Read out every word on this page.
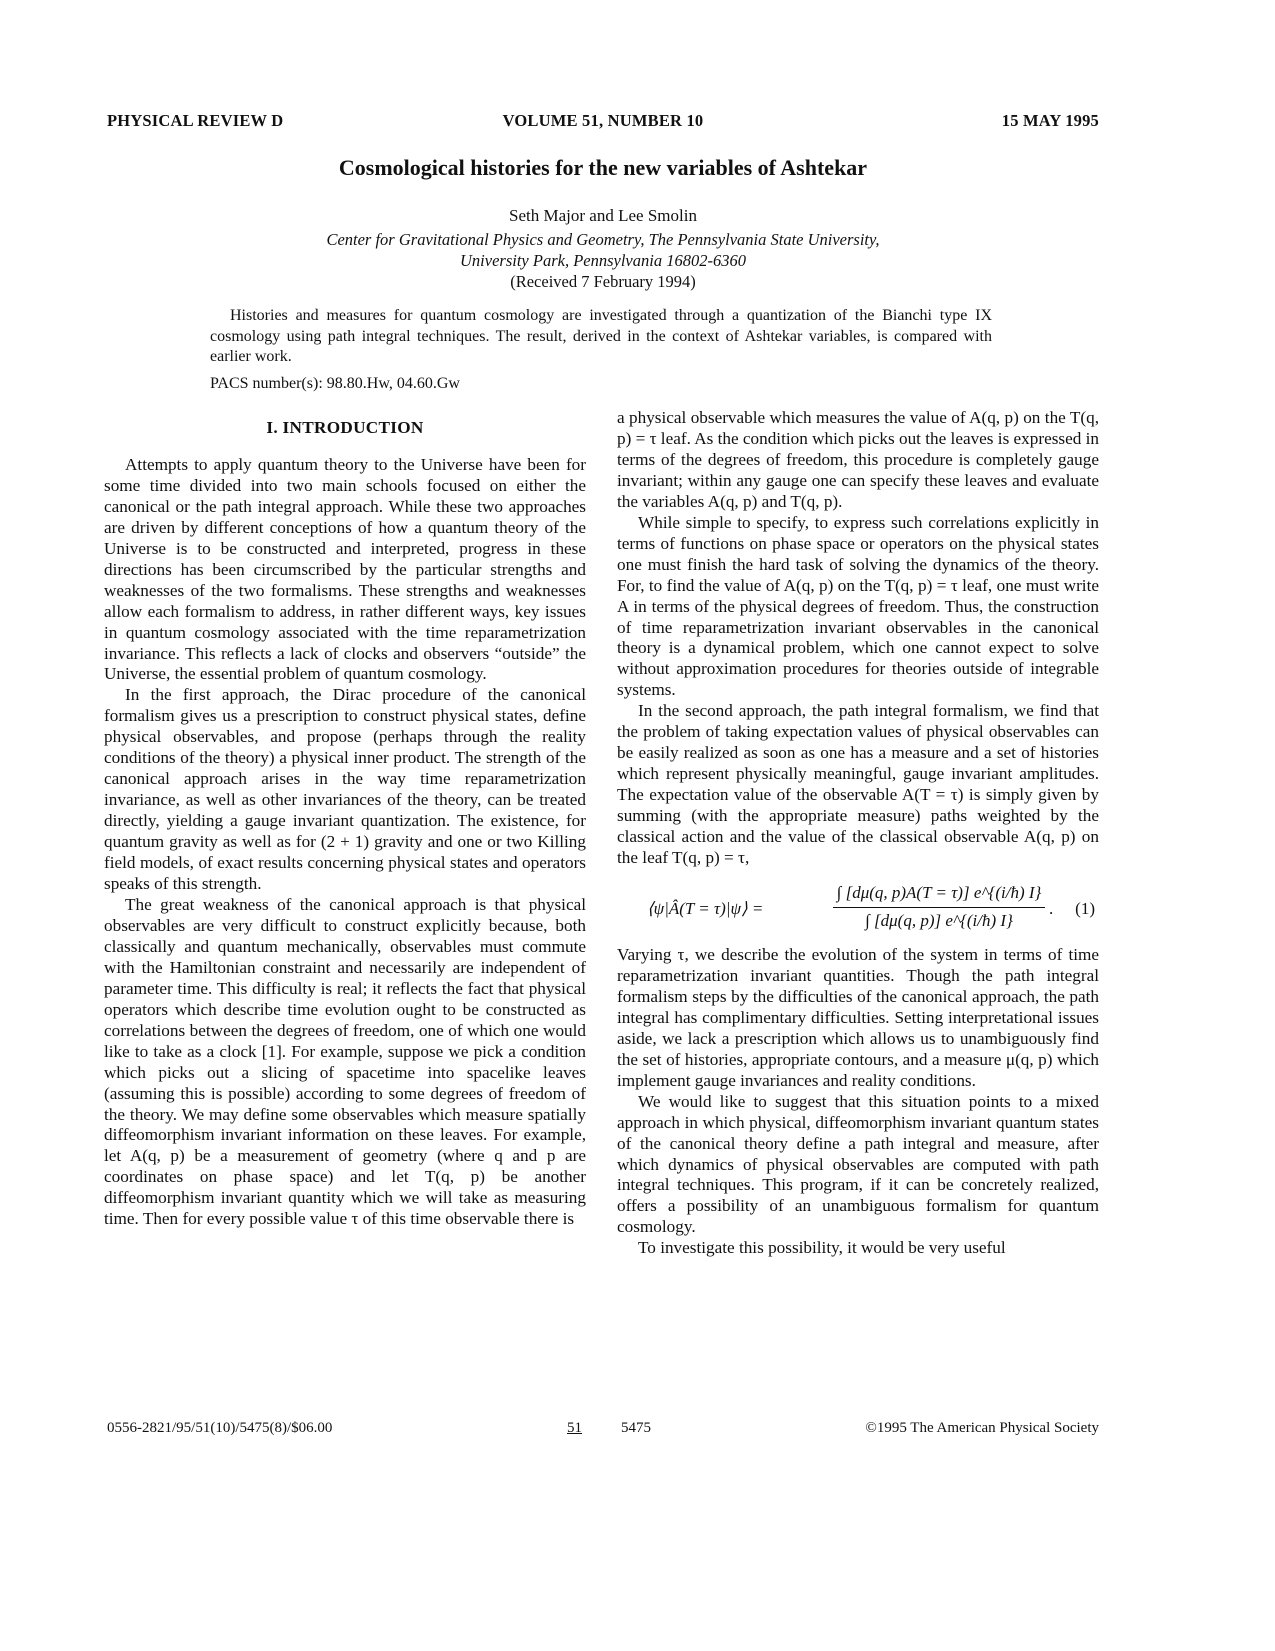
PHYSICAL REVIEW D	VOLUME 51, NUMBER 10	15 MAY 1995
Cosmological histories for the new variables of Ashtekar
Seth Major and Lee Smolin
Center for Gravitational Physics and Geometry, The Pennsylvania State University,
University Park, Pennsylvania 16802-6360
(Received 7 February 1994)
Histories and measures for quantum cosmology are investigated through a quantization of the Bianchi type IX cosmology using path integral techniques. The result, derived in the context of Ashtekar variables, is compared with earlier work.
PACS number(s): 98.80.Hw, 04.60.Gw
I. INTRODUCTION

Attempts to apply quantum theory to the Universe have been for some time divided into two main schools focused on either the canonical or the path integral approach. While these two approaches are driven by different conceptions of how a quantum theory of the Universe is to be constructed and interpreted, progress in these directions has been circumscribed by the particular strengths and weaknesses of the two formalisms. These strengths and weaknesses allow each formalism to address, in rather different ways, key issues in quantum cosmology associated with the time reparametrization invariance. This reflects a lack of clocks and observers “outside” the Universe, the essential problem of quantum cosmology.

In the first approach, the Dirac procedure of the canonical formalism gives us a prescription to construct physical states, define physical observables, and propose (perhaps through the reality conditions of the theory) a physical inner product. The strength of the canonical approach arises in the way time reparametrization invariance, as well as other invariances of the theory, can be treated directly, yielding a gauge invariant quantization. The existence, for quantum gravity as well as for (2 + 1) gravity and one or two Killing field models, of exact results concerning physical states and operators speaks of this strength.

The great weakness of the canonical approach is that physical observables are very difficult to construct explicitly because, both classically and quantum mechanically, observables must commute with the Hamiltonian constraint and necessarily are independent of parameter time. This difficulty is real; it reflects the fact that physical operators which describe time evolution ought to be constructed as correlations between the degrees of freedom, one of which one would like to take as a clock [1]. For example, suppose we pick a condition which picks out a slicing of spacetime into spacelike leaves (assuming this is possible) according to some degrees of freedom of the theory. We may define some observables which measure spatially diffeomorphism invariant information on these leaves. For example, let A(q, p) be a measurement of geometry (where q and p are coordinates on phase space) and let T(q, p) be another diffeomorphism invariant quantity which we will take as measuring time. Then for every possible value τ of this time observable there is

a physical observable which measures the value of A(q, p) on the T(q, p) = τ leaf. As the condition which picks out the leaves is expressed in terms of the degrees of freedom, this procedure is completely gauge invariant; within any gauge one can specify these leaves and evaluate the variables A(q, p) and T(q, p).

While simple to specify, to express such correlations explicitly in terms of functions on phase space or operators on the physical states one must finish the hard task of solving the dynamics of the theory. For, to find the value of A(q, p) on the T(q, p) = τ leaf, one must write A in terms of the physical degrees of freedom. Thus, the construction of time reparametrization invariant observables in the canonical theory is a dynamical problem, which one cannot expect to solve without approximation procedures for theories outside of integrable systems.

In the second approach, the path integral formalism, we find that the problem of taking expectation values of physical observables can be easily realized as soon as one has a measure and a set of histories which represent physically meaningful, gauge invariant amplitudes. The expectation value of the observable A(T = τ) is simply given by summing (with the appropriate measure) paths weighted by the classical action and the value of the classical observable A(q, p) on the leaf T(q, p) = τ,

⟨ψ|Â(T = τ)|ψ⟩ =
∫ [dμ(q, p)A(T = τ)] e^{(i/ħ) I}
∫ [dμ(q, p)] e^{(i/ħ) I}
. (1)

Varying τ, we describe the evolution of the system in terms of time reparametrization invariant quantities. Though the path integral formalism steps by the difficulties of the canonical approach, the path integral has complimentary difficulties. Setting interpretational issues aside, we lack a prescription which allows us to unambiguously find the set of histories, appropriate contours, and a measure μ(q, p) which implement gauge invariances and reality conditions.

We would like to suggest that this situation points to a mixed approach in which physical, diffeomorphism invariant quantum states of the canonical theory define a path integral and measure, after which dynamics of physical observables are computed with path integral techniques. This program, if it can be concretely realized, offers a possibility of an unambiguous formalism for quantum cosmology.

To investigate this possibility, it would be very useful

0556-2821/95/51(10)/5475(8)/$06.00	51	5475	©1995 The American Physical Society
